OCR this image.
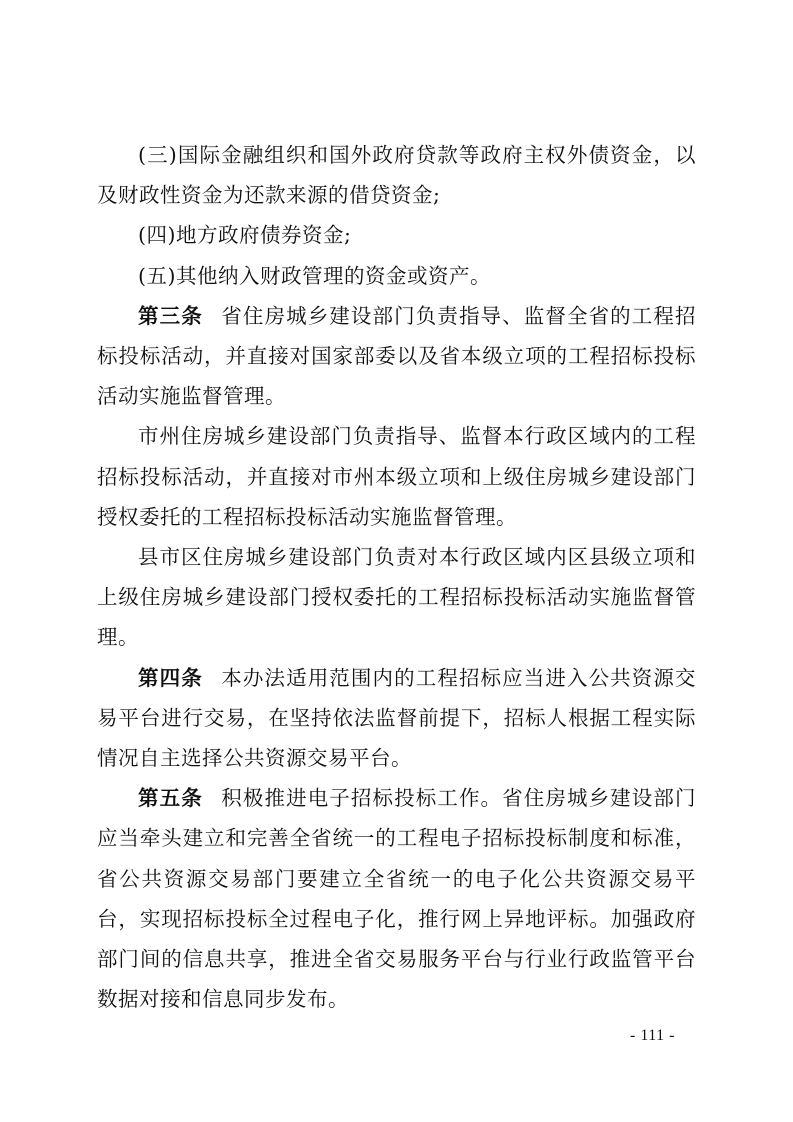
(三)国际金融组织和国外政府贷款等政府主权外债资金，以及财政性资金为还款来源的借贷资金;

(四)地方政府债券资金;

(五)其他纳入财政管理的资金或资产。

第三条 省住房城乡建设部门负责指导、监督全省的工程招标投标活动，并直接对国家部委以及省本级立项的工程招标投标活动实施监督管理。

市州住房城乡建设部门负责指导、监督本行政区域内的工程招标投标活动，并直接对市州本级立项和上级住房城乡建设部门授权委托的工程招标投标活动实施监督管理。

县市区住房城乡建设部门负责对本行政区域内区县级立项和上级住房城乡建设部门授权委托的工程招标投标活动实施监督管理。

第四条 本办法适用范围内的工程招标应当进入公共资源交易平台进行交易，在坚持依法监督前提下，招标人根据工程实际情况自主选择公共资源交易平台。

第五条 积极推进电子招标投标工作。省住房城乡建设部门应当牵头建立和完善全省统一的工程电子招标投标制度和标准，省公共资源交易部门要建立全省统一的电子化公共资源交易平台，实现招标投标全过程电子化，推行网上异地评标。加强政府部门间的信息共享，推进全省交易服务平台与行业行政监管平台数据对接和信息同步发布。

- 111 -
